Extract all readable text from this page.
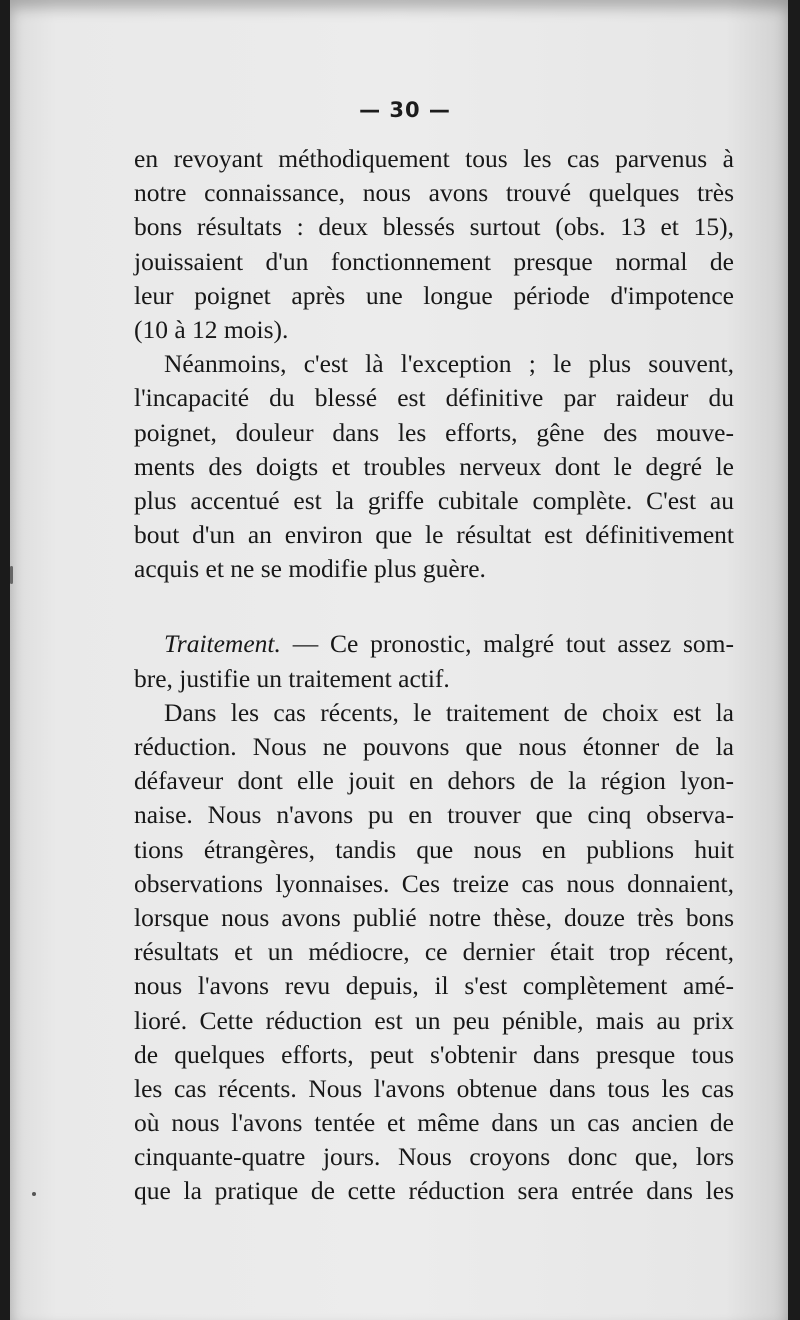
— 30 —
en revoyant méthodiquement tous les cas parvenus à
notre connaissance, nous avons trouvé quelques très
bons résultats : deux blessés surtout (obs. 13 et 15),
jouissaient d'un fonctionnement presque normal de
leur poignet après une longue période d'impotence
(10 à 12 mois).
Néanmoins, c'est là l'exception ; le plus souvent,
l'incapacité du blessé est définitive par raideur du
poignet, douleur dans les efforts, gêne des mouve-
ments des doigts et troubles nerveux dont le degré le
plus accentué est la griffe cubitale complète. C'est au
bout d'un an environ que le résultat est définitivement
acquis et ne se modifie plus guère.
Traitement. — Ce pronostic, malgré tout assez som-
bre, justifie un traitement actif.
Dans les cas récents, le traitement de choix est la
réduction. Nous ne pouvons que nous étonner de la
défaveur dont elle jouit en dehors de la région lyon-
naise. Nous n'avons pu en trouver que cinq observa-
tions étrangères, tandis que nous en publions huit
observations lyonnaises. Ces treize cas nous donnaient,
lorsque nous avons publié notre thèse, douze très bons
résultats et un médiocre, ce dernier était trop récent,
nous l'avons revu depuis, il s'est complètement amé-
lioré. Cette réduction est un peu pénible, mais au prix
de quelques efforts, peut s'obtenir dans presque tous
les cas récents. Nous l'avons obtenue dans tous les cas
où nous l'avons tentée et même dans un cas ancien de
cinquante-quatre jours. Nous croyons donc que, lors
que la pratique de cette réduction sera entrée dans les
